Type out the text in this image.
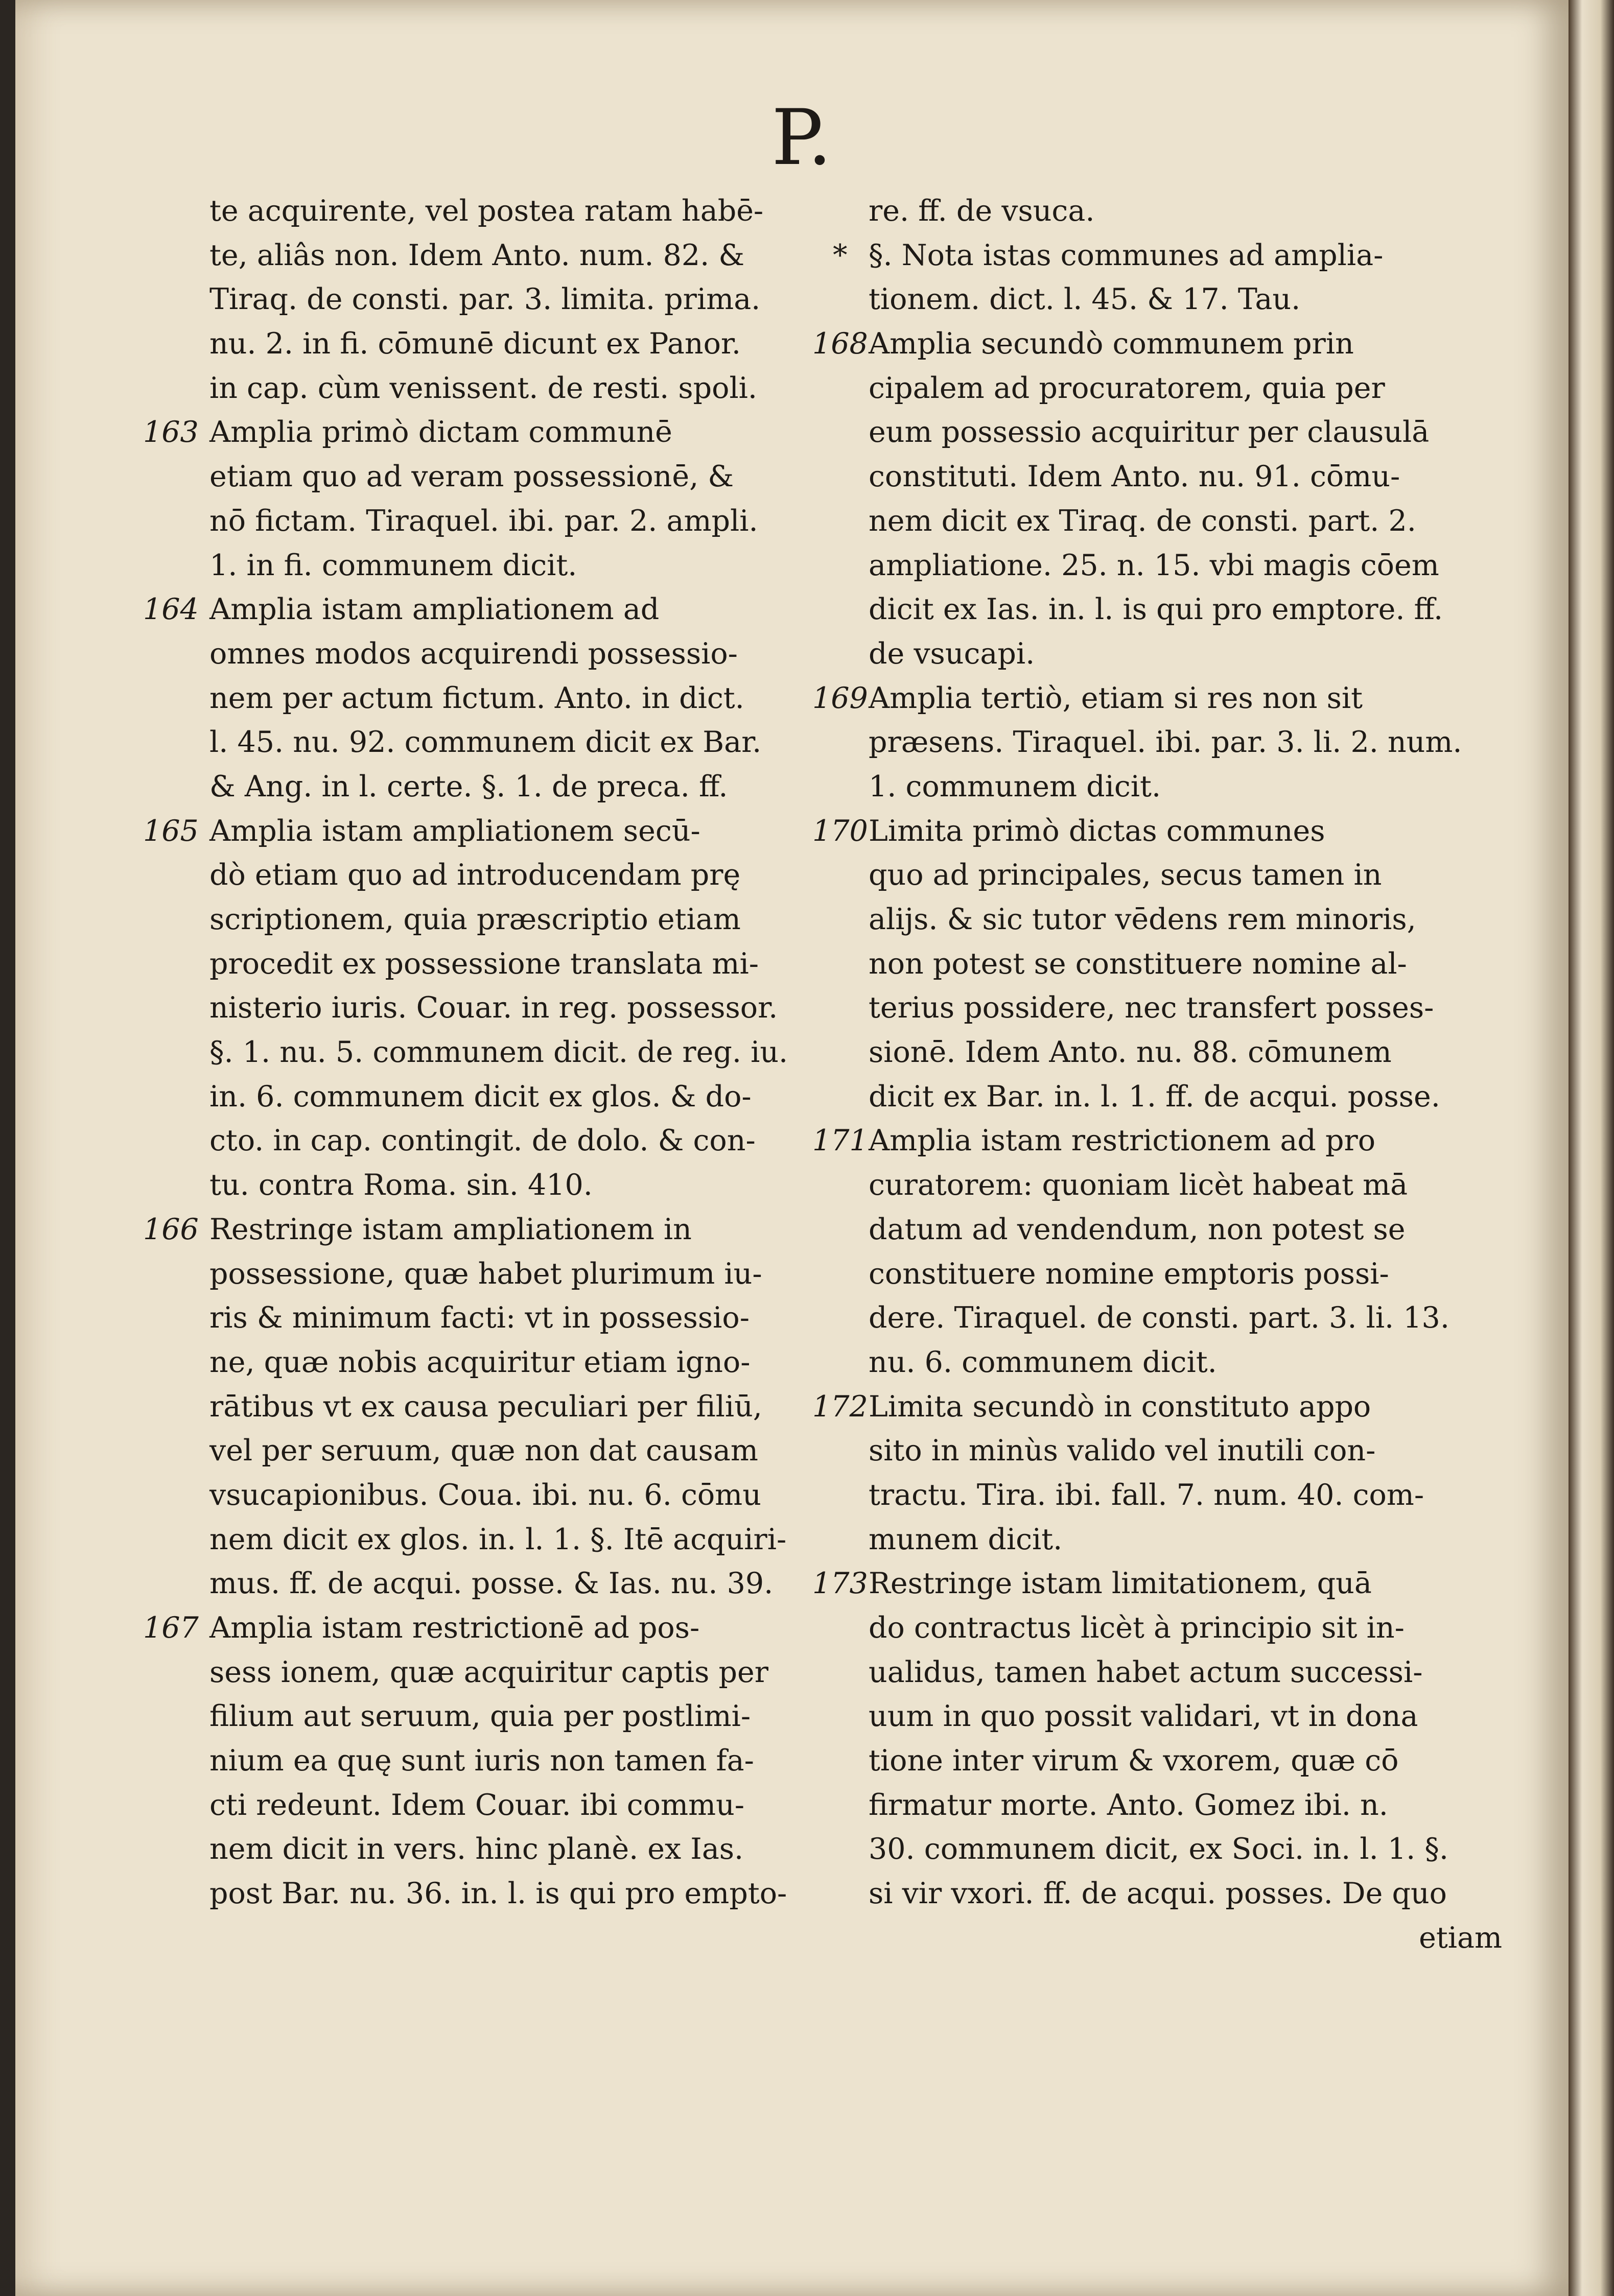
P.
te acquirente, vel postea ratam habē-
te, aliâs non. Idem Anto. num. 82. &
Tiraq. de consti. par. 3. limita. prima.
nu. 2. in fi. cōmunē dicunt ex Panor.
in cap. cùm venissent. de resti. spoli.
163 Amplia primò dictam communē
etiam quo ad veram possessionē, &
nō fictam. Tiraquel. ibi. par. 2. ampli.
1. in fi. communem dicit.
164 Amplia istam ampliationem ad
omnes modos acquirendi possessio-
nem per actum fictum. Anto. in dict.
l. 45. nu. 92. communem dicit ex Bar.
& Ang. in l. certe. §. 1. de preca. ff.
165 Amplia istam ampliationem secū-
dò etiam quo ad introducendam prę
scriptionem, quia præscriptio etiam
procedit ex possessione translata mi-
nisterio iuris. Couar. in reg. possessor.
§. 1. nu. 5. communem dicit. de reg. iu.
in. 6. communem dicit ex glos. & do-
cto. in cap. contingit. de dolo. & con-
tu. contra Roma. sin. 410.
166 Restringe istam ampliationem in
possessione, quæ habet plurimum iu-
ris & minimum facti: vt in possessio-
ne, quæ nobis acquiritur etiam igno-
rātibus vt ex causa peculiari per filiū,
vel per seruum, quæ non dat causam
vsucapionibus. Coua. ibi. nu. 6. cōmu
nem dicit ex glos. in. l. 1. §. Itē acquiri-
mus. ff. de acqui. posse. & Ias. nu. 39.
167 Amplia istam restrictionē ad pos-
sess ionem, quæ acquiritur captis per
filium aut seruum, quia per postlimi-
nium ea quę sunt iuris non tamen fa-
cti redeunt. Idem Couar. ibi commu-
nem dicit in vers. hinc planè. ex Ias.
post Bar. nu. 36. in. l. is qui pro empto-
re. ff. de vsuca.
* §. Nota istas communes ad amplia-
tionem. dict. l. 45. & 17. Tau.
168 Amplia secundò communem prin
cipalem ad procuratorem, quia per
eum possessio acquiritur per clausulā
constituti. Idem Anto. nu. 91. cōmu-
nem dicit ex Tiraq. de consti. part. 2.
ampliatione. 25. n. 15. vbi magis cōem
dicit ex Ias. in. l. is qui pro emptore. ff.
de vsucapi.
169 Amplia tertiò, etiam si res non sit
præsens. Tiraquel. ibi. par. 3. li. 2. num.
1. communem dicit.
170 Limita primò dictas communes
quo ad principales, secus tamen in
alijs. & sic tutor vēdens rem minoris,
non potest se constituere nomine al-
terius possidere, nec transfert posses-
sionē. Idem Anto. nu. 88. cōmunem
dicit ex Bar. in. l. 1. ff. de acqui. posse.
171 Amplia istam restrictionem ad pro
curatorem: quoniam licèt habeat mā
datum ad vendendum, non potest se
constituere nomine emptoris possi-
dere. Tiraquel. de consti. part. 3. li. 13.
nu. 6. communem dicit.
172 Limita secundò in constituto appo
sito in minùs valido vel inutili con-
tractu. Tira. ibi. fall. 7. num. 40. com-
munem dicit.
173 Restringe istam limitationem, quā
do contractus licèt à principio sit in-
ualidus, tamen habet actum successi-
uum in quo possit validari, vt in dona
tione inter virum & vxorem, quæ cō
firmatur morte. Anto. Gomez ibi. n.
30. communem dicit, ex Soci. in. l. 1. §.
si vir vxori. ff. de acqui. posses. De quo
etiam
